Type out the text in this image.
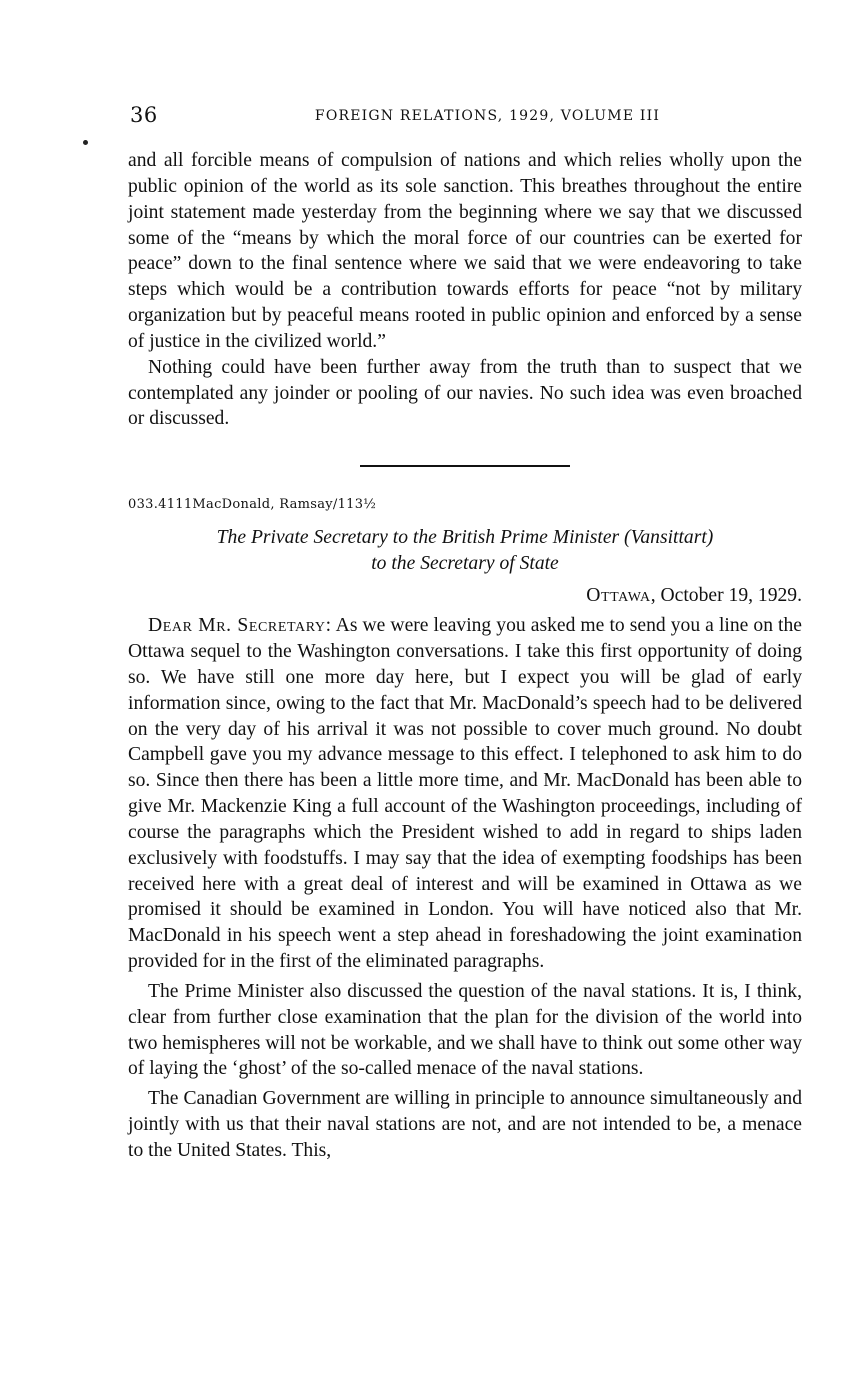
36	FOREIGN RELATIONS, 1929, VOLUME III

and all forcible means of compulsion of nations and which relies wholly upon the public opinion of the world as its sole sanction. This breathes throughout the entire joint statement made yesterday from the beginning where we say that we discussed some of the “means by which the moral force of our countries can be exerted for peace” down to the final sentence where we said that we were endeavoring to take steps which would be a contribution towards efforts for peace “not by military organization but by peaceful means rooted in public opinion and enforced by a sense of justice in the civilized world.”

Nothing could have been further away from the truth than to suspect that we contemplated any joinder or pooling of our navies. No such idea was even broached or discussed.

033.4111MacDonald, Ramsay/113½

The Private Secretary to the British Prime Minister (Vansittart)
to the Secretary of State

Ottawa, October 19, 1929.

Dear Mr. Secretary: As we were leaving you asked me to send you a line on the Ottawa sequel to the Washington conversations. I take this first opportunity of doing so. We have still one more day here, but I expect you will be glad of early information since, owing to the fact that Mr. MacDonald’s speech had to be delivered on the very day of his arrival it was not possible to cover much ground. No doubt Campbell gave you my advance message to this effect. I telephoned to ask him to do so. Since then there has been a little more time, and Mr. MacDonald has been able to give Mr. Mackenzie King a full account of the Washington proceedings, including of course the paragraphs which the President wished to add in regard to ships laden exclusively with foodstuffs. I may say that the idea of exempting foodships has been received here with a great deal of interest and will be examined in Ottawa as we promised it should be examined in London. You will have noticed also that Mr. MacDonald in his speech went a step ahead in foreshadowing the joint examination provided for in the first of the eliminated paragraphs.

The Prime Minister also discussed the question of the naval stations. It is, I think, clear from further close examination that the plan for the division of the world into two hemispheres will not be workable, and we shall have to think out some other way of laying the ‘ghost’ of the so-called menace of the naval stations.

The Canadian Government are willing in principle to announce simultaneously and jointly with us that their naval stations are not, and are not intended to be, a menace to the United States. This,
